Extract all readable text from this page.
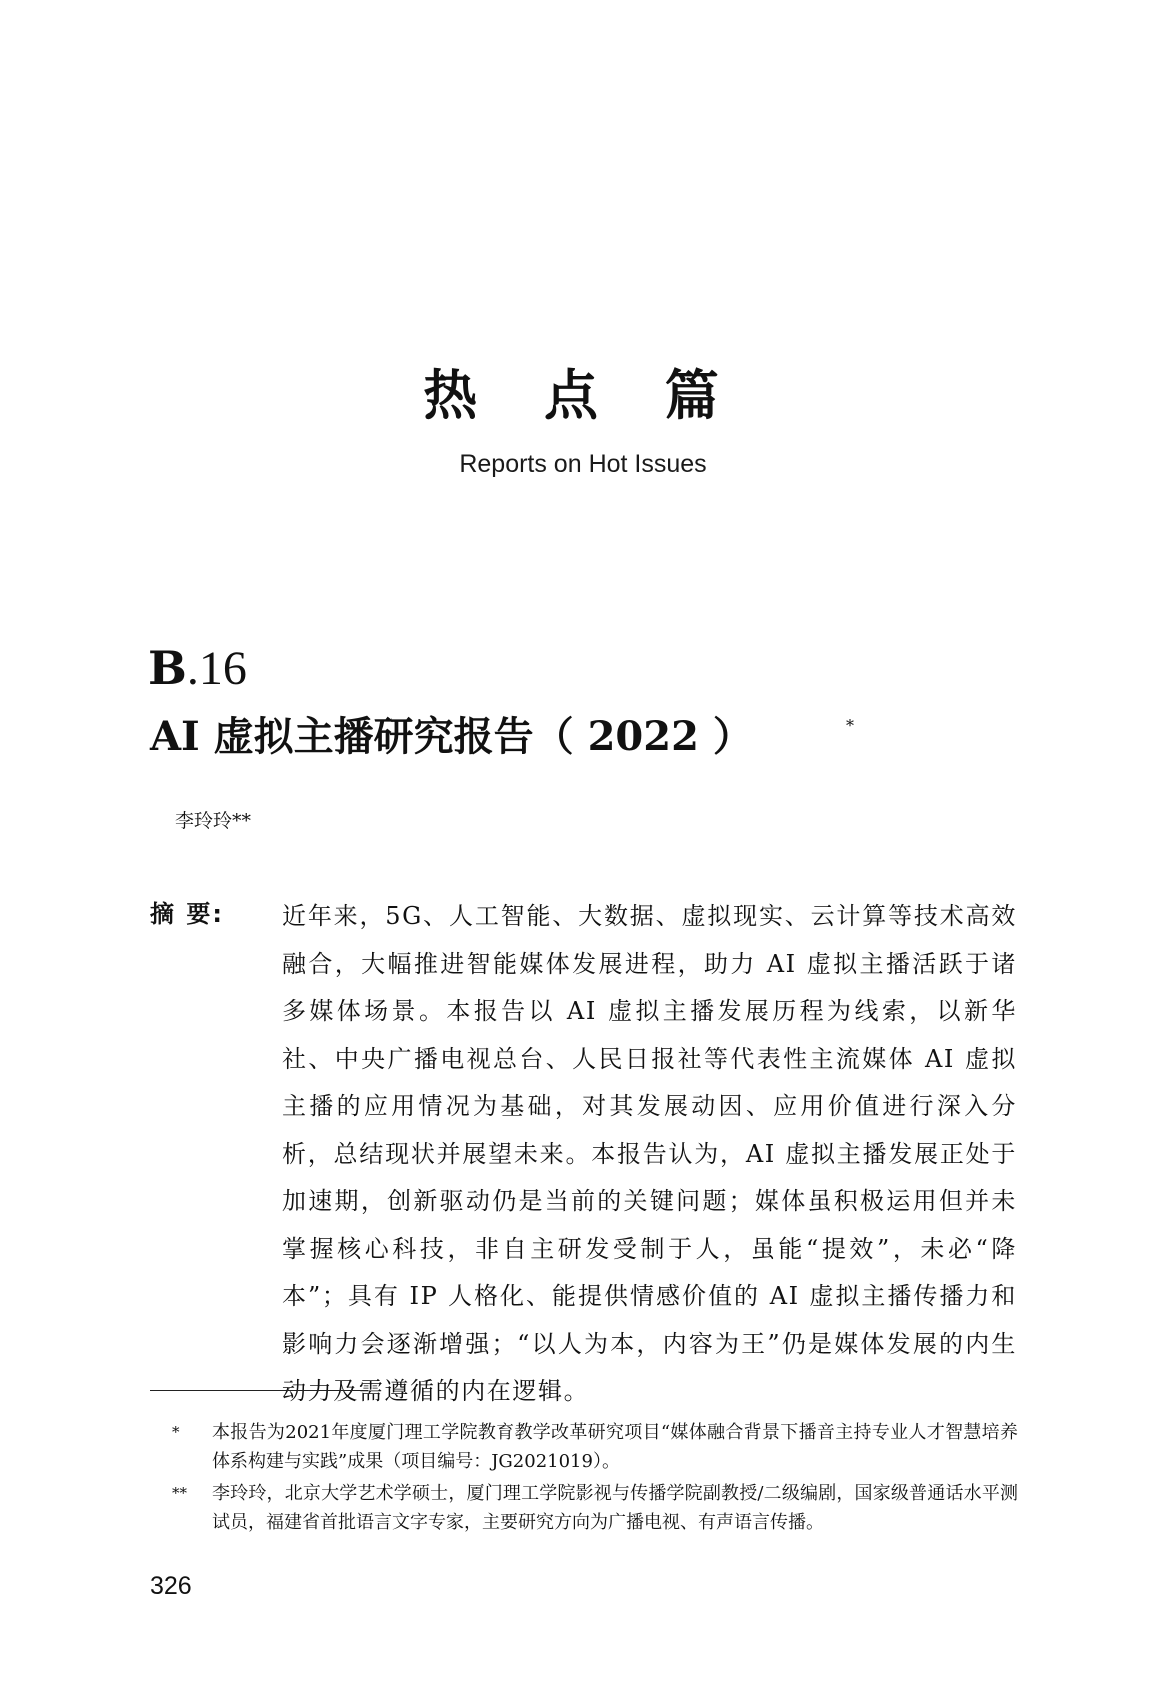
热 点 篇
Reports on Hot Issues
B.16
AI 虚拟主播研究报告（ 2022 ）	*
李玲玲**
摘 要: 近年来，5G、人工智能、大数据、虚拟现实、云计算等技术高效融合，大幅推进智能媒体发展进程，助力 AI 虚拟主播活跃于诸多媒体场景。本报告以 AI 虚拟主播发展历程为线索，以新华社、中央广播电视总台、人民日报社等代表性主流媒体 AI 虚拟主播的应用情况为基础，对其发展动因、应用价值进行深入分析，总结现状并展望未来。本报告认为，AI 虚拟主播发展正处于加速期，创新驱动仍是当前的关键问题；媒体虽积极运用但并未掌握核心科技，非自主研发受制于人，虽能“提效”，未必“降本”；具有 IP 人格化、能提供情感价值的 AI 虚拟主播传播力和影响力会逐渐增强；“以人为本，内容为王”仍是媒体发展的内生动力及需遵循的内在逻辑。
*	本报告为2021年度厦门理工学院教育教学改革研究项目“媒体融合背景下播音主持专业人才智慧培养体系构建与实践”成果（项目编号：JG2021019）。
**	李玲玲，北京大学艺术学硕士，厦门理工学院影视与传播学院副教授/二级编剧，国家级普通话水平测试员，福建省首批语言文字专家，主要研究方向为广播电视、有声语言传播。
326
